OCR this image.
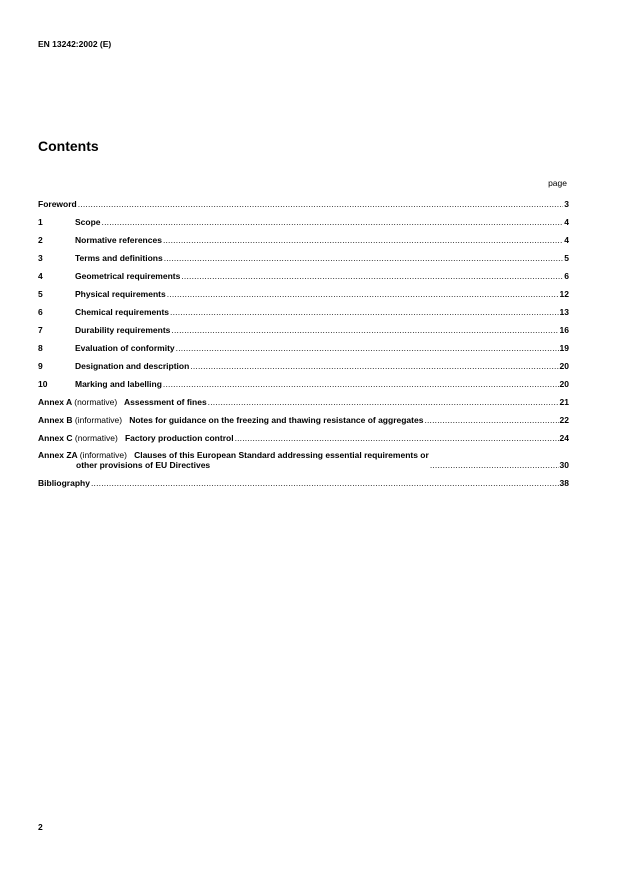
EN 13242:2002 (E)
Contents
page
Foreword .....	3
1	Scope .....	4
2	Normative references .....	4
3	Terms and definitions .....	5
4	Geometrical requirements .....	6
5	Physical requirements .....	12
6	Chemical requirements .....	13
7	Durability requirements .....	16
8	Evaluation of conformity .....	19
9	Designation and description .....	20
10	Marking and labelling .....	20
Annex A (normative) Assessment of fines .....	21
Annex B (informative) Notes for guidance on the freezing and thawing resistance of aggregates .....	22
Annex C (normative) Factory production control .....	24
Annex ZA (informative) Clauses of this European Standard addressing essential requirements or
other provisions of EU Directives .....	30
Bibliography .....	38
2
